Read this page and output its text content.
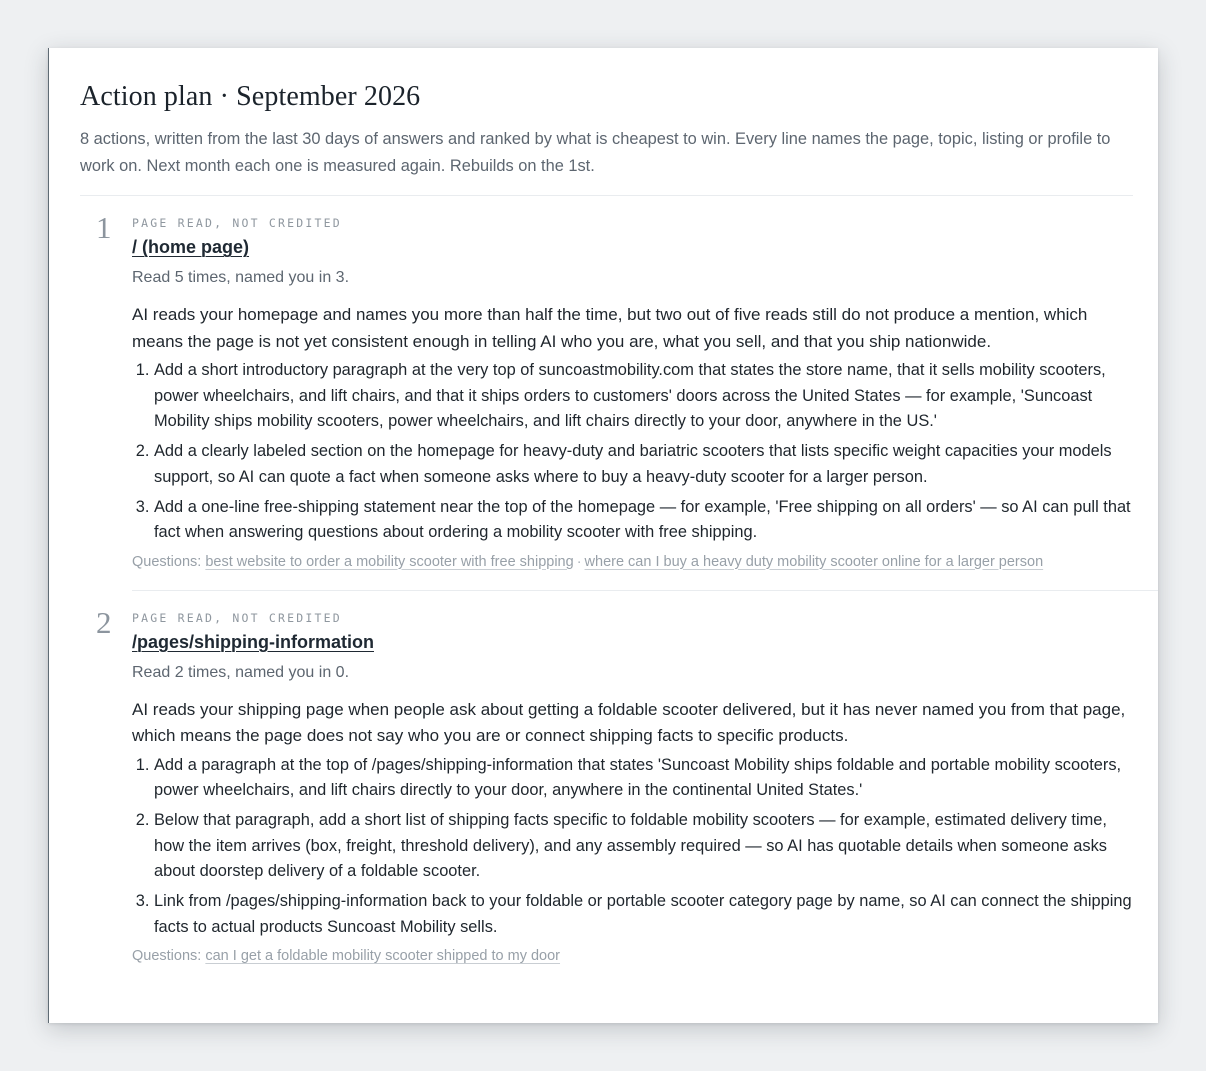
Action plan · September 2026

8 actions, written from the last 30 days of answers and ranked by what is cheapest to win. Every line names the page, topic, listing or profile to work on. Next month each one is measured again. Rebuilds on the 1st.

1 PAGE READ, NOT CREDITED
/ (home page)
Read 5 times, named you in 3.

AI reads your homepage and names you more than half the time, but two out of five reads still do not produce a mention, which means the page is not yet consistent enough in telling AI who you are, what you sell, and that you ship nationwide.

1. Add a short introductory paragraph at the very top of suncoastmobility.com that states the store name, that it sells mobility scooters, power wheelchairs, and lift chairs, and that it ships orders to customers' doors across the United States — for example, 'Suncoast Mobility ships mobility scooters, power wheelchairs, and lift chairs directly to your door, anywhere in the US.'
2. Add a clearly labeled section on the homepage for heavy-duty and bariatric scooters that lists specific weight capacities your models support, so AI can quote a fact when someone asks where to buy a heavy-duty scooter for a larger person.
3. Add a one-line free-shipping statement near the top of the homepage — for example, 'Free shipping on all orders' — so AI can pull that fact when answering questions about ordering a mobility scooter with free shipping.
Questions: best website to order a mobility scooter with free shipping · where can I buy a heavy duty mobility scooter online for a larger person
2 PAGE READ, NOT CREDITED
/pages/shipping-information
Read 2 times, named you in 0.

AI reads your shipping page when people ask about getting a foldable scooter delivered, but it has never named you from that page, which means the page does not say who you are or connect shipping facts to specific products.

1. Add a paragraph at the top of /pages/shipping-information that states 'Suncoast Mobility ships foldable and portable mobility scooters, power wheelchairs, and lift chairs directly to your door, anywhere in the continental United States.'
2. Below that paragraph, add a short list of shipping facts specific to foldable mobility scooters — for example, estimated delivery time, how the item arrives (box, freight, threshold delivery), and any assembly required — so AI has quotable details when someone asks about doorstep delivery of a foldable scooter.
3. Link from /pages/shipping-information back to your foldable or portable scooter category page by name, so AI can connect the shipping facts to actual products Suncoast Mobility sells.
Questions: can I get a foldable mobility scooter shipped to my door
